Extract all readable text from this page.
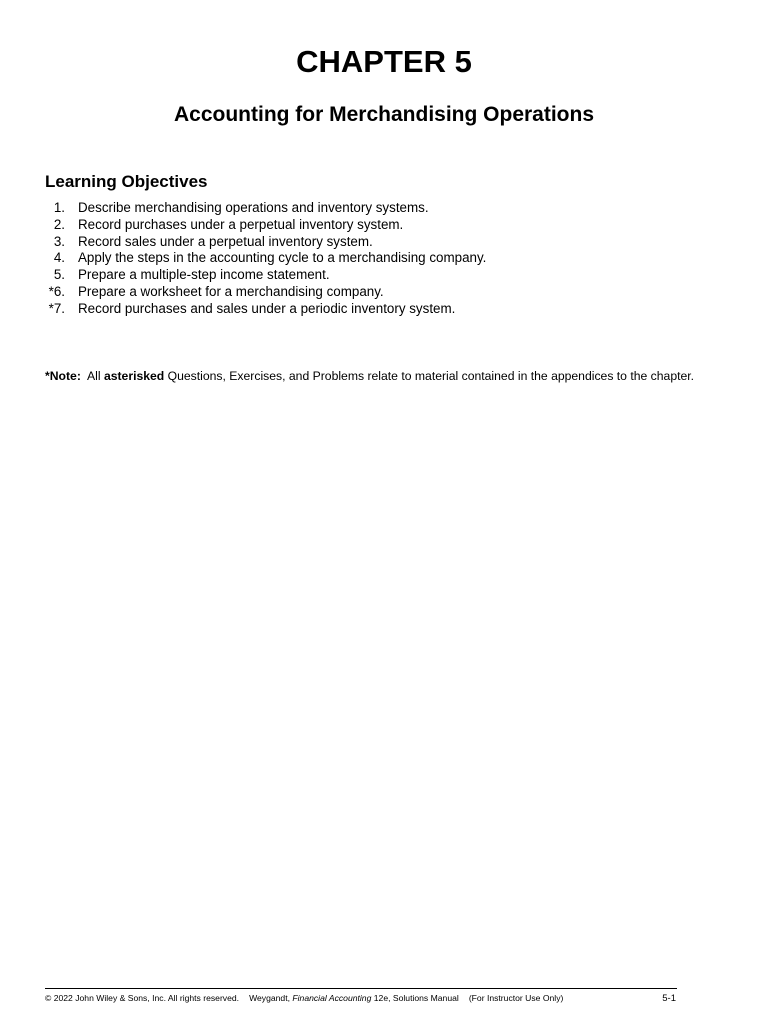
CHAPTER 5
Accounting for Merchandising Operations
Learning Objectives
1. Describe merchandising operations and inventory systems.
2. Record purchases under a perpetual inventory system.
3. Record sales under a perpetual inventory system.
4. Apply the steps in the accounting cycle to a merchandising company.
5. Prepare a multiple-step income statement.
*6. Prepare a worksheet for a merchandising company.
*7. Record purchases and sales under a periodic inventory system.

*Note: All asterisked Questions, Exercises, and Problems relate to material contained in the appendices to the chapter.

© 2022 John Wiley & Sons, Inc. All rights reserved. Weygandt, Financial Accounting 12e, Solutions Manual (For Instructor Use Only)	5-1
